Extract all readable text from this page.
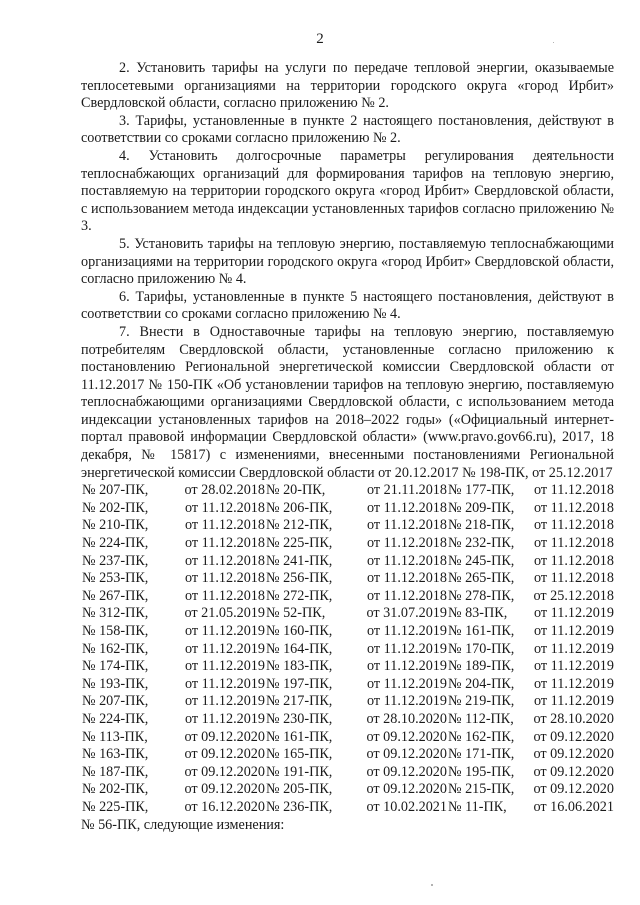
2

2. Установить тарифы на услуги по передаче тепловой энергии, оказываемые теплосетевыми организациями на территории городского округа «город Ирбит» Свердловской области, согласно приложению № 2.

3. Тарифы, установленные в пункте 2 настоящего постановления, действуют в соответствии со сроками согласно приложению № 2.

4. Установить долгосрочные параметры регулирования деятельности теплоснабжающих организаций для формирования тарифов на тепловую энергию, поставляемую на территории городского округа «город Ирбит» Свердловской области, с использованием метода индексации установленных тарифов согласно приложению № 3.

5. Установить тарифы на тепловую энергию, поставляемую теплоснабжающими организациями на территории городского округа «город Ирбит» Свердловской области, согласно приложению № 4.

6. Тарифы, установленные в пункте 5 настоящего постановления, действуют в соответствии со сроками согласно приложению № 4.

7. Внести в Одноставочные тарифы на тепловую энергию, поставляемую потребителям Свердловской области, установленные согласно приложению к постановлению Региональной энергетической комиссии Свердловской области от 11.12.2017 № 150-ПК «Об установлении тарифов на тепловую энергию, поставляемую теплоснабжающими организациями Свердловской области, с использованием метода индексации установленных тарифов на 2018–2022 годы» («Официальный интернет-портал правовой информации Свердловской области» (www.pravo.gov66.ru), 2017, 18 декабря, № 15817) с изменениями, внесенными постановлениями Региональной энергетической комиссии Свердловской области от 20.12.2017 № 198-ПК, от 25.12.2017

№ 207-ПК,	от 28.02.2018 № 20-ПК,	от 21.11.2018 № 177-ПК,	от 11.12.2018
№ 202-ПК,	от 11.12.2018 № 206-ПК,	от 11.12.2018 № 209-ПК,	от 11.12.2018
№ 210-ПК,	от 11.12.2018 № 212-ПК,	от 11.12.2018 № 218-ПК,	от 11.12.2018
№ 224-ПК,	от 11.12.2018 № 225-ПК,	от 11.12.2018 № 232-ПК,	от 11.12.2018
№ 237-ПК,	от 11.12.2018 № 241-ПК,	от 11.12.2018 № 245-ПК,	от 11.12.2018
№ 253-ПК,	от 11.12.2018 № 256-ПК,	от 11.12.2018 № 265-ПК,	от 11.12.2018
№ 267-ПК,	от 11.12.2018 № 272-ПК,	от 11.12.2018 № 278-ПК,	от 25.12.2018
№ 312-ПК,	от 21.05.2019 № 52-ПК,	от 31.07.2019 № 83-ПК,	от 11.12.2019
№ 158-ПК,	от 11.12.2019 № 160-ПК,	от 11.12.2019 № 161-ПК,	от 11.12.2019
№ 162-ПК,	от 11.12.2019 № 164-ПК,	от 11.12.2019 № 170-ПК,	от 11.12.2019
№ 174-ПК,	от 11.12.2019 № 183-ПК,	от 11.12.2019 № 189-ПК,	от 11.12.2019
№ 193-ПК,	от 11.12.2019 № 197-ПК,	от 11.12.2019 № 204-ПК,	от 11.12.2019
№ 207-ПК,	от 11.12.2019 № 217-ПК,	от 11.12.2019 № 219-ПК,	от 11.12.2019
№ 224-ПК,	от 11.12.2019 № 230-ПК,	от 28.10.2020 № 112-ПК,	от 28.10.2020
№ 113-ПК,	от 09.12.2020 № 161-ПК,	от 09.12.2020 № 162-ПК,	от 09.12.2020
№ 163-ПК,	от 09.12.2020 № 165-ПК,	от 09.12.2020 № 171-ПК,	от 09.12.2020
№ 187-ПК,	от 09.12.2020 № 191-ПК,	от 09.12.2020 № 195-ПК,	от 09.12.2020
№ 202-ПК,	от 09.12.2020 № 205-ПК,	от 09.12.2020 № 215-ПК,	от 09.12.2020
№ 225-ПК,	от 16.12.2020 № 236-ПК,	от 10.02.2021 № 11-ПК,	от 16.06.2021

№ 56-ПК, следующие изменения:
